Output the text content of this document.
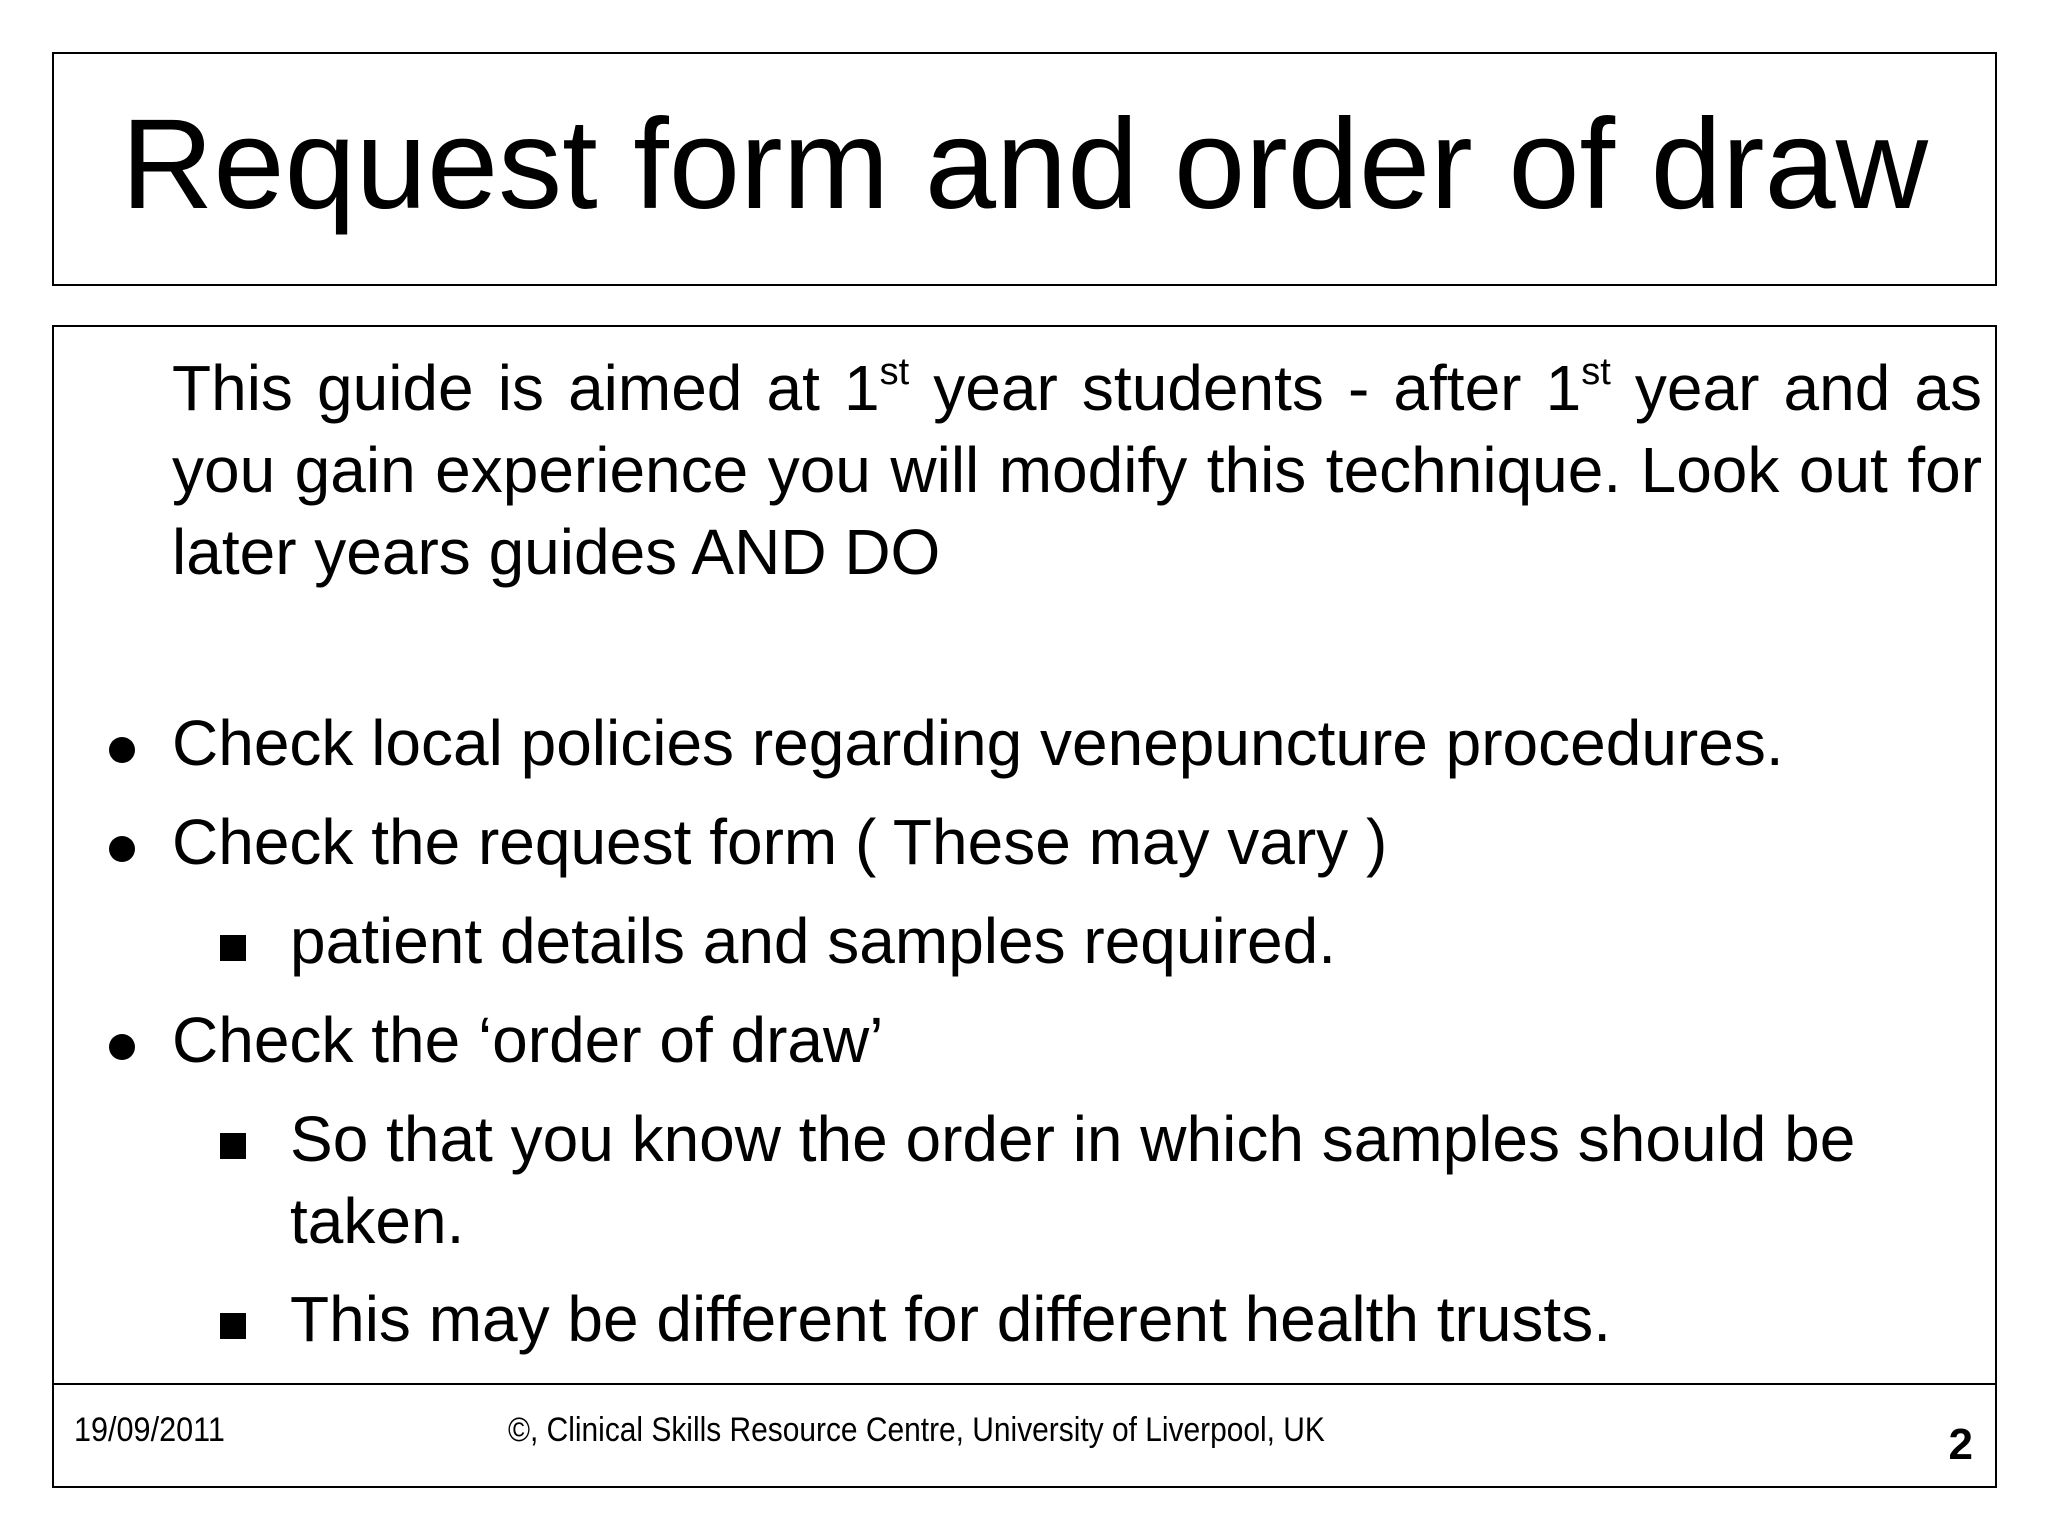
Request form and order of draw
This guide is aimed at 1st year students - after 1st year and as you gain experience you will modify this technique. Look out for later years guides AND DO
Check local policies regarding venepuncture procedures.
Check the request form ( These may vary )
patient details and samples required.
Check the ‘order of draw’
So that you know the order in which samples should be taken.
This may be different for different health trusts.
19/09/2011	©, Clinical Skills Resource Centre, University of Liverpool, UK	2
